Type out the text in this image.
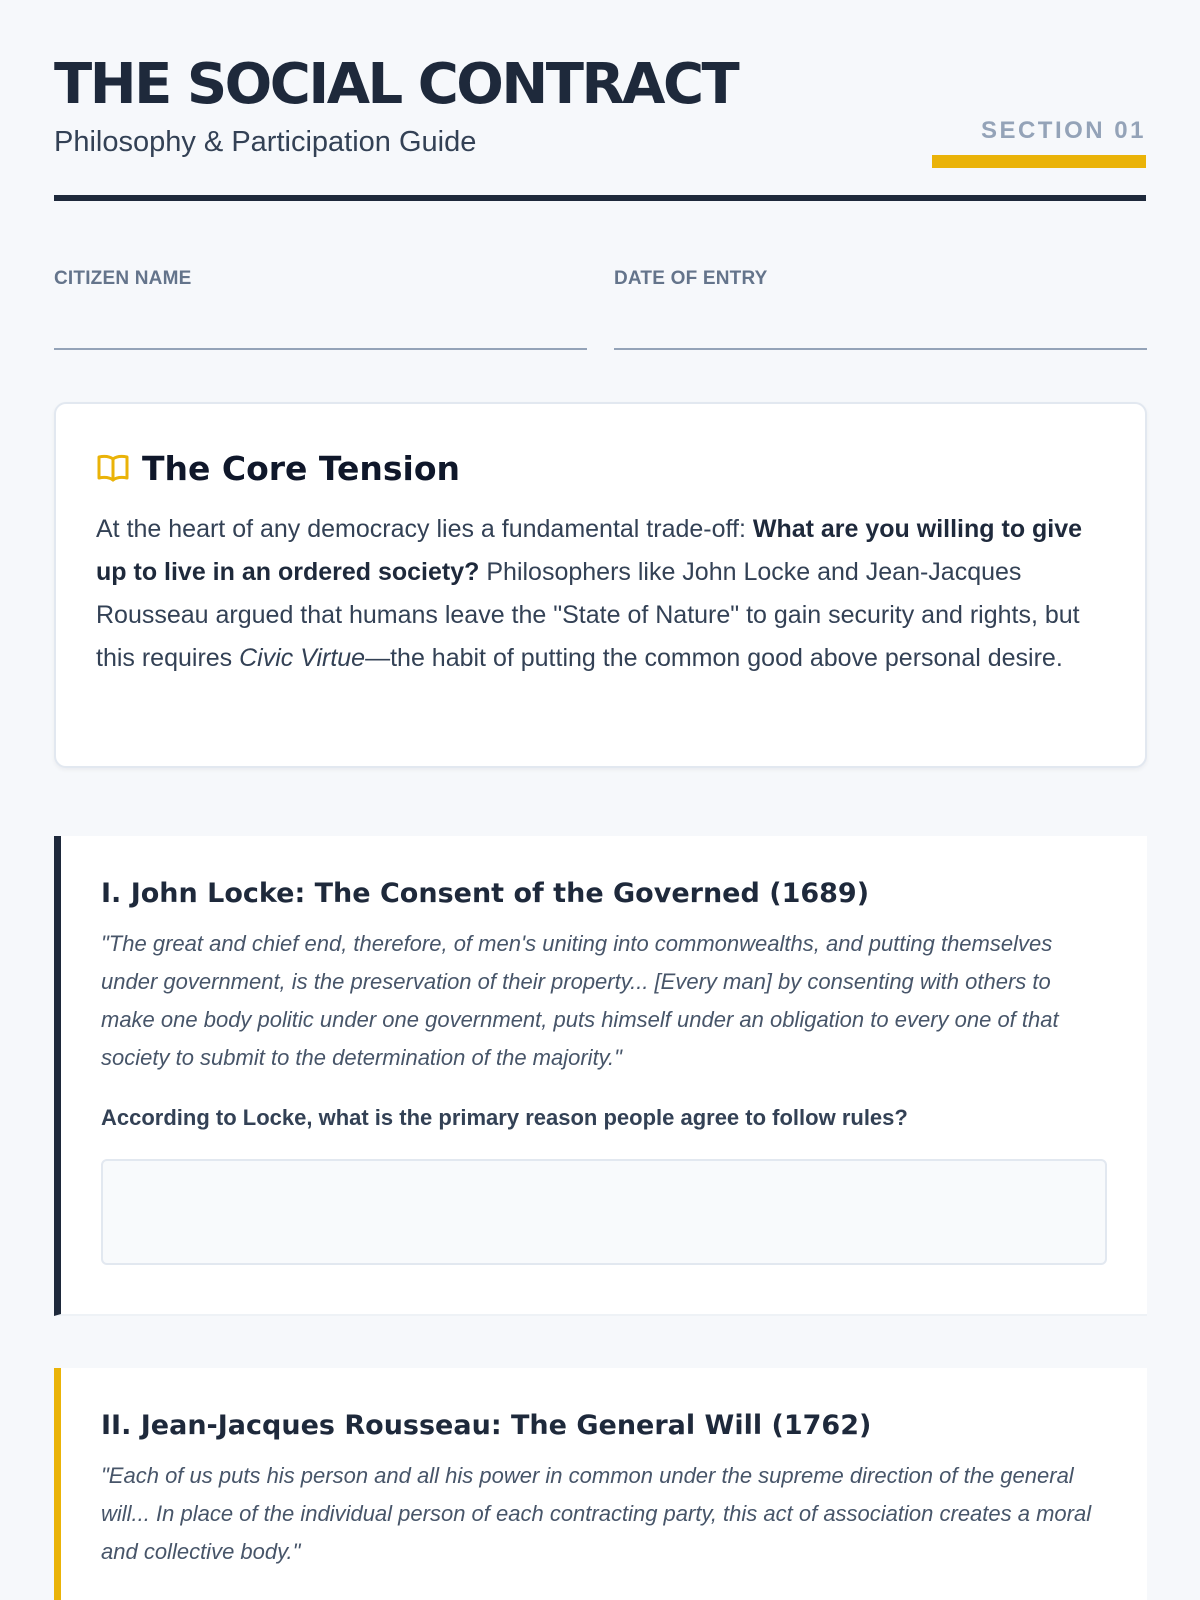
THE SOCIAL CONTRACT
Philosophy & Participation Guide	SECTION 01
CITIZEN NAME	DATE OF ENTRY
The Core Tension

At the heart of any democracy lies a fundamental trade-off: What are you willing to give up to live in an ordered society? Philosophers like John Locke and Jean-Jacques Rousseau argued that humans leave the "State of Nature" to gain security and rights, but this requires Civic Virtue—the habit of putting the common good above personal desire.

I. John Locke: The Consent of the Governed (1689)

"The great and chief end, therefore, of men's uniting into commonwealths, and putting themselves under government, is the preservation of their property... [Every man] by consenting with others to make one body politic under one government, puts himself under an obligation to every one of that society to submit to the determination of the majority."

According to Locke, what is the primary reason people agree to follow rules?

II. Jean-Jacques Rousseau: The General Will (1762)

"Each of us puts his person and all his power in common under the supreme direction of the general will... In place of the individual person of each contracting party, this act of association creates a moral and collective body."
